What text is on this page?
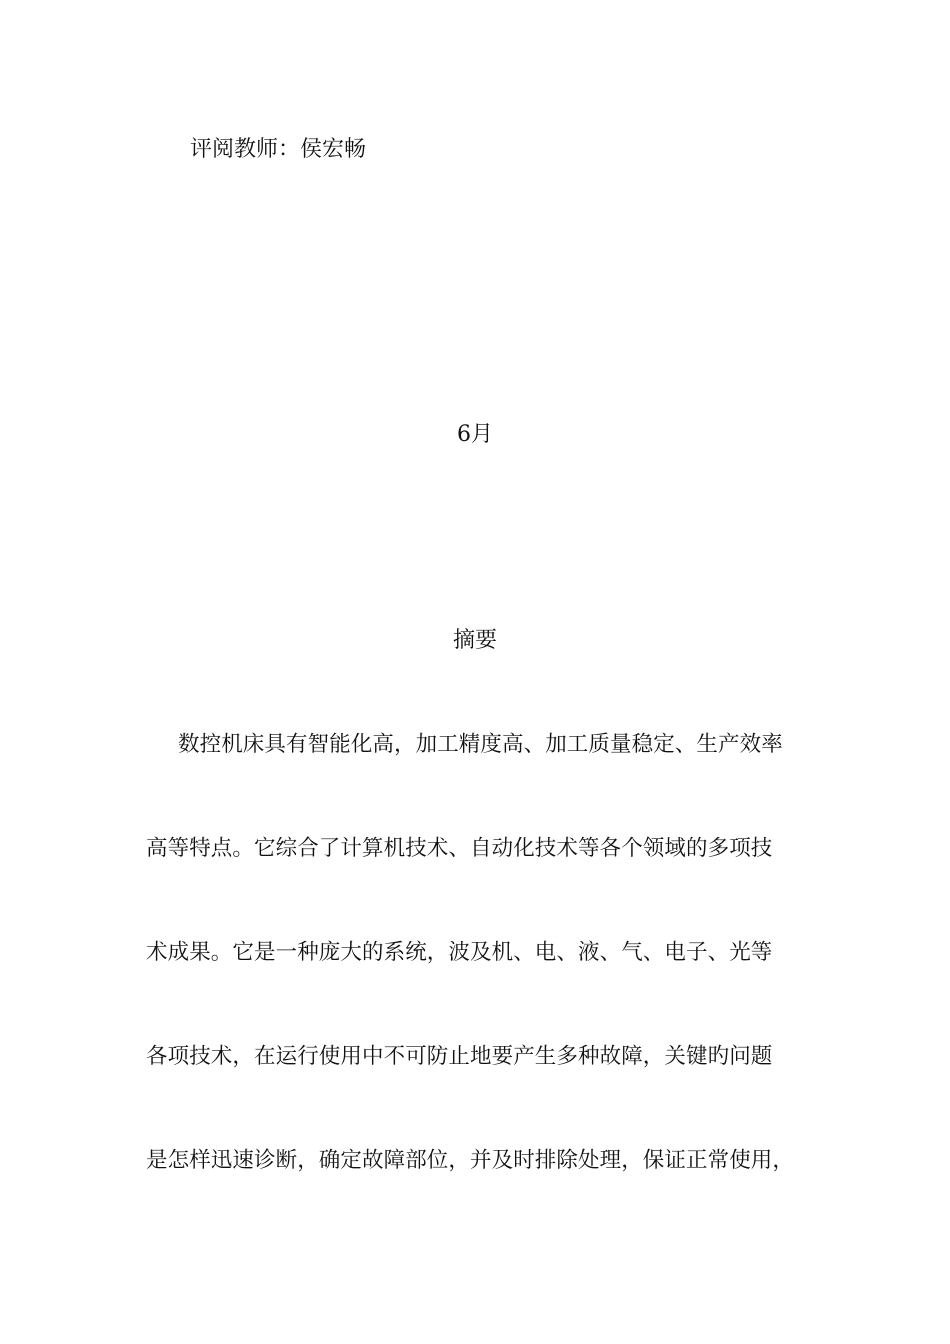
评阅教师：侯宏畅
6月
摘要
数控机床具有智能化高，加工精度高、加工质量稳定、生产效率
高等特点。它综合了计算机技术、自动化技术等各个领域的多项技
术成果。它是一种庞大的系统，波及机、电、液、气、电子、光等
各项技术，在运行使用中不可防止地要产生多种故障，关键旳问题
是怎样迅速诊断，确定故障部位，并及时排除处理，保证正常使用，
